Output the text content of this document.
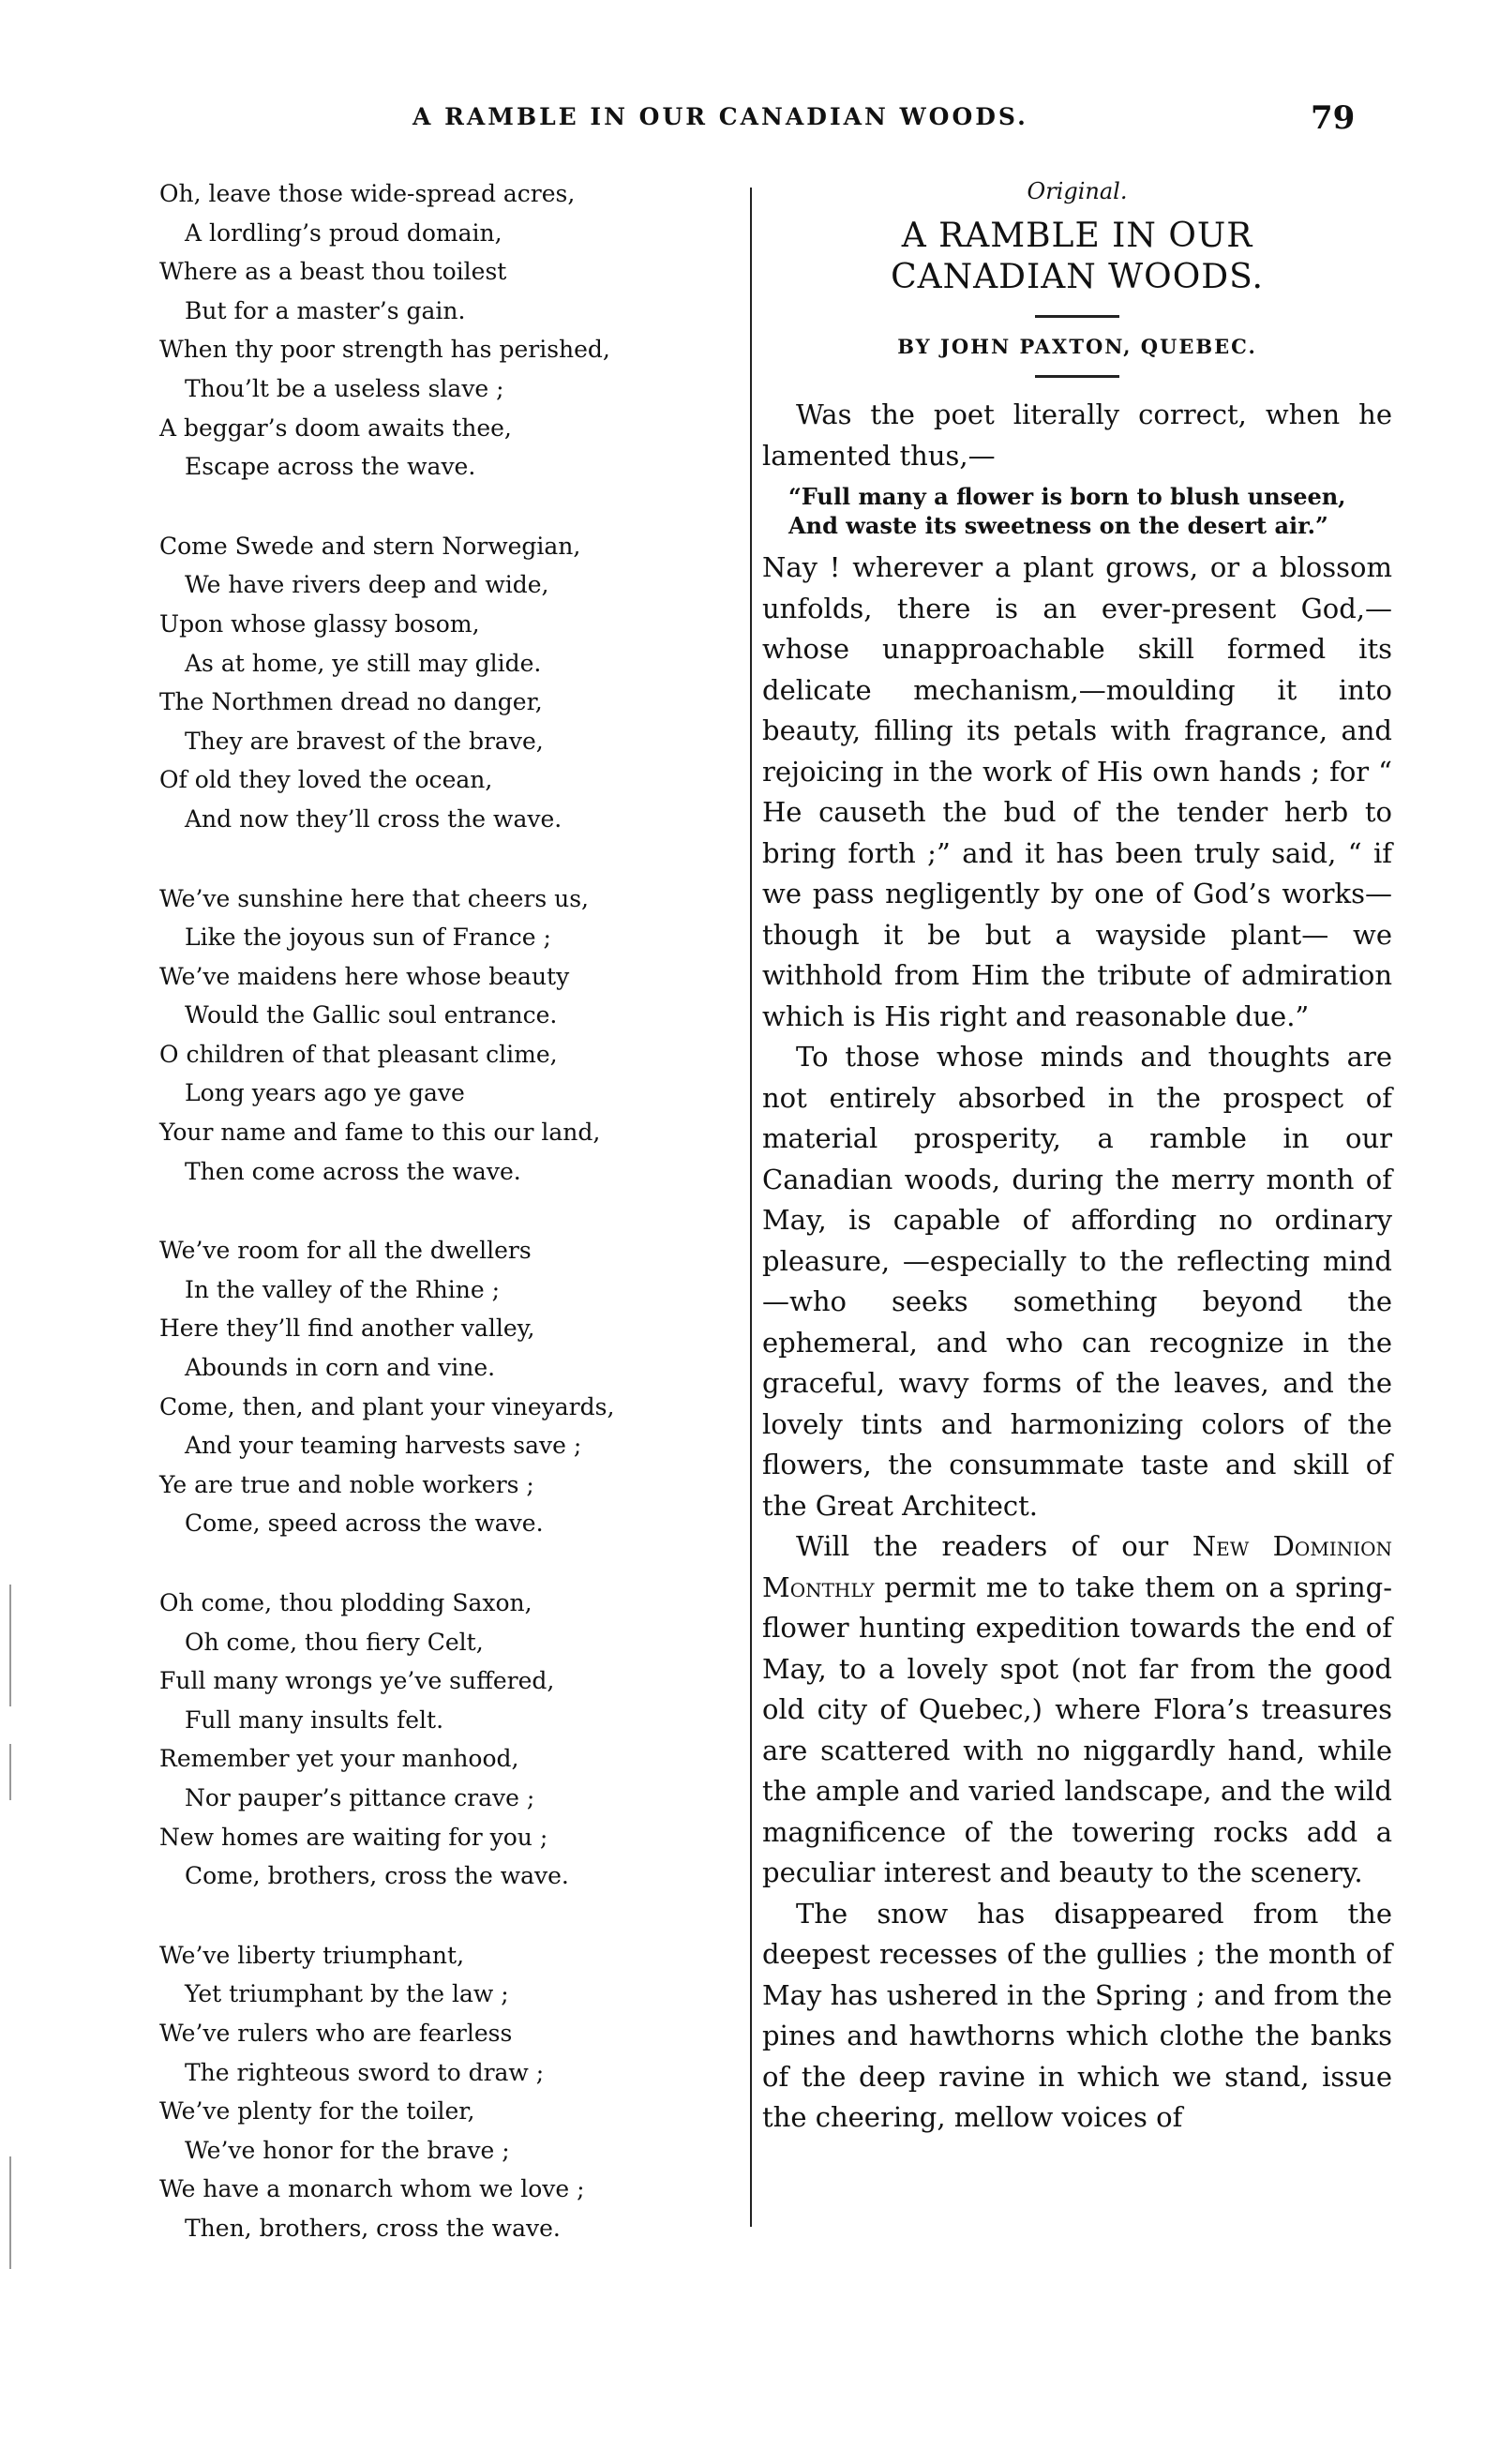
A RAMBLE IN OUR CANADIAN WOODS.	79
Oh, leave those wide-spread acres,
A lordling’s proud domain,
Where as a beast thou toilest
But for a master’s gain.
When thy poor strength has perished,
Thou’lt be a useless slave ;
A beggar’s doom awaits thee,
Escape across the wave.
Come Swede and stern Norwegian,
We have rivers deep and wide,
Upon whose glassy bosom,
As at home, ye still may glide.
The Northmen dread no danger,
They are bravest of the brave,
Of old they loved the ocean,
And now they’ll cross the wave.
We’ve sunshine here that cheers us,
Like the joyous sun of France ;
We’ve maidens here whose beauty
Would the Gallic soul entrance.
O children of that pleasant clime,
Long years ago ye gave
Your name and fame to this our land,
Then come across the wave.
We’ve room for all the dwellers
In the valley of the Rhine ;
Here they’ll find another valley,
Abounds in corn and vine.
Come, then, and plant your vineyards,
And your teaming harvests save ;
Ye are true and noble workers ;
Come, speed across the wave.
Oh come, thou plodding Saxon,
Oh come, thou fiery Celt,
Full many wrongs ye’ve suffered,
Full many insults felt.
Remember yet your manhood,
Nor pauper’s pittance crave ;
New homes are waiting for you ;
Come, brothers, cross the wave.
We’ve liberty triumphant,
Yet triumphant by the law ;
We’ve rulers who are fearless
The righteous sword to draw ;
We’ve plenty for the toiler,
We’ve honor for the brave ;
We have a monarch whom we love ;
Then, brothers, cross the wave.
Original.
A RAMBLE IN OUR CANADIAN WOODS.
BY JOHN PAXTON, QUEBEC.
Was the poet literally correct, when he lamented thus,—
“Full many a flower is born to blush unseen,
And waste its sweetness on the desert air.”
Nay ! wherever a plant grows, or a blossom unfolds, there is an ever-present God,— whose unapproachable skill formed its delicate mechanism,—moulding it into beauty, filling its petals with fragrance, and rejoicing in the work of His own hands ; for “ He causeth the bud of the tender herb to bring forth ;” and it has been truly said, “ if we pass negligently by one of God’s works—though it be but a wayside plant— we withhold from Him the tribute of admiration which is His right and reasonable due.”
To those whose minds and thoughts are not entirely absorbed in the prospect of material prosperity, a ramble in our Canadian woods, during the merry month of May, is capable of affording no ordinary pleasure, —especially to the reflecting mind—who seeks something beyond the ephemeral, and who can recognize in the graceful, wavy forms of the leaves, and the lovely tints and harmonizing colors of the flowers, the consummate taste and skill of the Great Architect.
Will the readers of our New Dominion Monthly permit me to take them on a spring-flower hunting expedition towards the end of May, to a lovely spot (not far from the good old city of Quebec,) where Flora’s treasures are scattered with no niggardly hand, while the ample and varied landscape, and the wild magnificence of the towering rocks add a peculiar interest and beauty to the scenery.
The snow has disappeared from the deepest recesses of the gullies ; the month of May has ushered in the Spring ; and from the pines and hawthorns which clothe the banks of the deep ravine in which we stand, issue the cheering, mellow voices of
